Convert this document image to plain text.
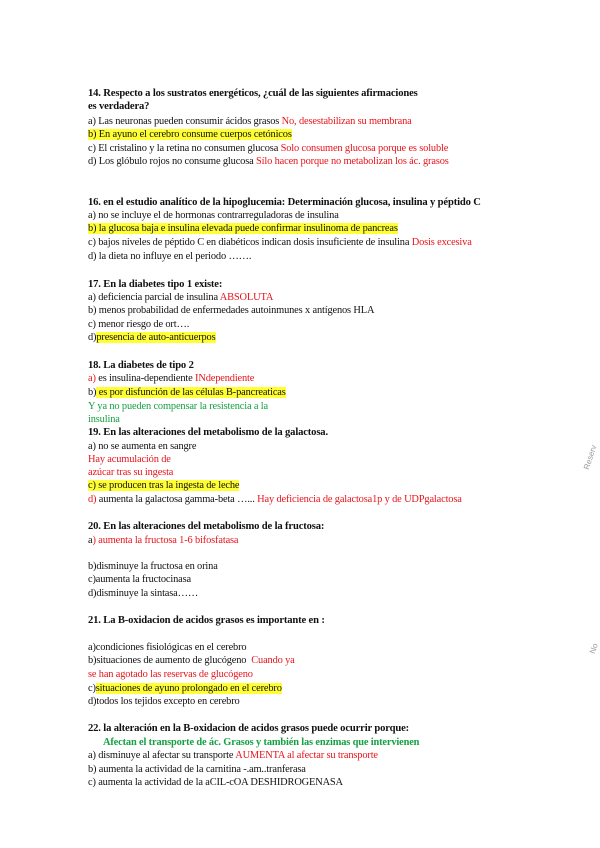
14. Respecto a los sustratos energéticos, ¿cuál de las siguientes afirmaciones
es verdadera?
a) Las neuronas pueden consumir ácidos grasos No, desestabilizan su membrana
b) En ayuno el cerebro consume cuerpos cetónicos
c) El cristalino y la retina no consumen glucosa Solo consumen glucosa porque es soluble
d) Los glóbulo rojos no consume glucosa Sílo hacen porque no metabolizan los ác. grasos
16. en el estudio analítico de la hipoglucemia: Determinación glucosa, insulina y péptido C
a) no se incluye el de hormonas contrarreguladoras de insulina
b) la glucosa baja e insulina elevada puede confirmar insulinoma de pancreas
c) bajos niveles de péptido C en diabéticos indican dosis insuficiente de insulina Dosis excesiva
d) la dieta no influye en el periodo …….
17. En la diabetes tipo 1 existe:
a) deficiencia parcial de insulina ABSOLUTA
b) menos probabilidad de enfermedades autoinmunes x antígenos HLA
c) menor riesgo de ort….
d)presencia de auto-anticuerpos
18. La diabetes de tipo 2
a) es insulina-dependiente INdependiente
b) es por disfunción de las células B-pancreaticas
Y ya no pueden compensar la resistencia a la
insulina
19. En las alteraciones del metabolismo de la galactosa.
a) no se aumenta en sangre
Hay acumulación de
azúcar tras su ingesta
c) se producen tras la ingesta de leche
d) aumenta la galactosa gamma-beta …... Hay deficiencia de galactosa1p y de UDPgalactosa
20. En las alteraciones del metabolismo de la fructosa:
a) aumenta la fructosa 1-6 bifosfatasa
b)disminuye la fructosa en orina
c)aumenta la fructocinasa
d)disminuye la sintasa……
21. La B-oxidacion de acidos grasos es importante en :
a)condiciones fisiológicas en el cerebro
b)situaciones de aumento de glucógeno Cuando ya
se han agotado las reservas de glucógeno
c)situaciones de ayuno prolongado en el cerebro
d)todos los tejidos excepto en cerebro
22. la alteración en la B-oxidacion de acidos grasos puede ocurrir porque:
Afectan el transporte de ác. Grasos y también las enzimas que intervienen
a) disminuye al afectar su transporte AUMENTA al afectar su transporte
b) aumenta la actividad de la carnitina -.am..tranferasa
c) aumenta la actividad de la aCIL-cOA DESHIDROGENASA
Reserv
No
